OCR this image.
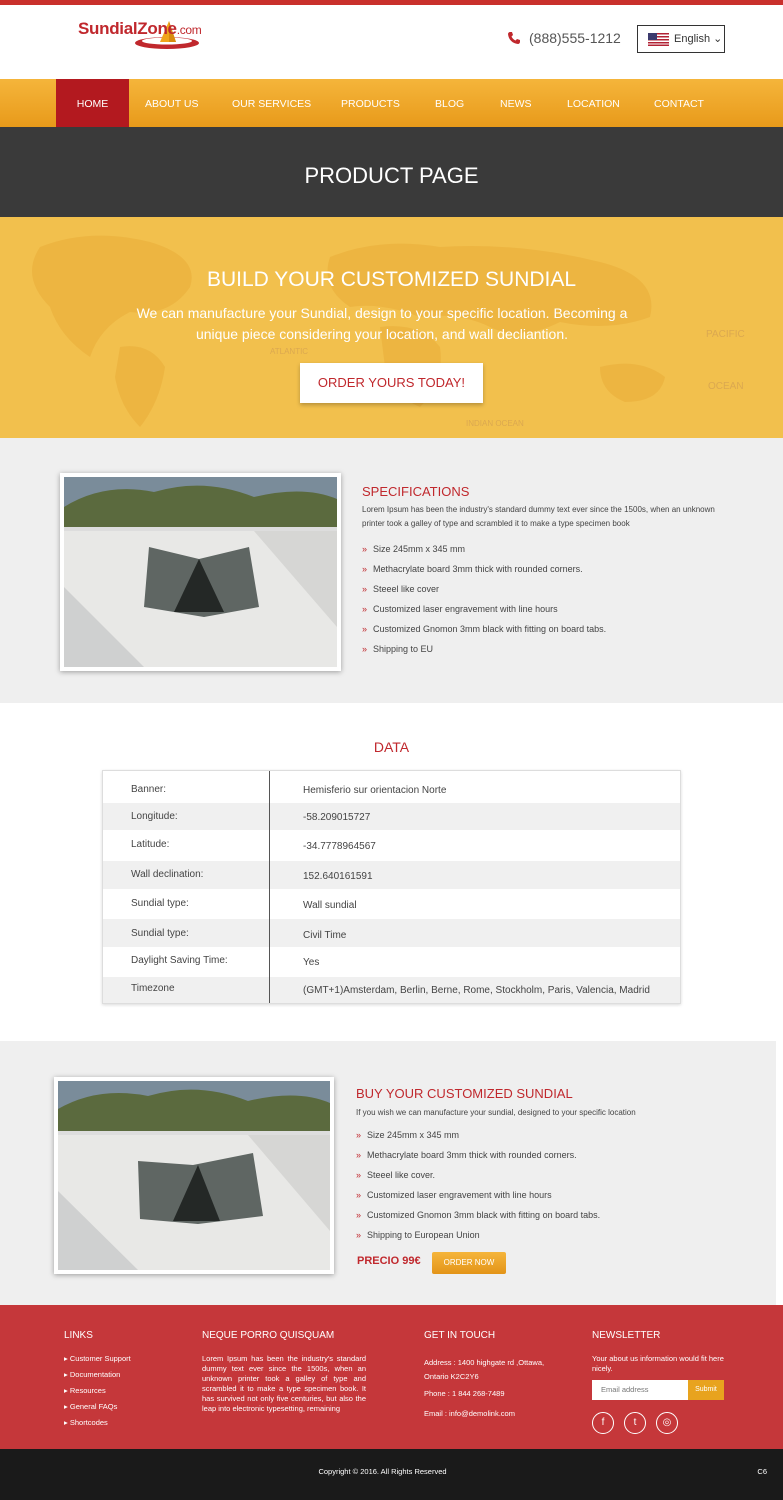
SundialZone.com	(888)555-1212	English ⌄
HOME	ABOUT US	OUR SERVICES	PRODUCTS	BLOG	NEWS	LOCATION	CONTACT
PRODUCT PAGE
PACIFIC
OCEAN
INDIAN OCEAN
ATLANTIC
BUILD YOUR CUSTOMIZED SUNDIAL

We can manufacture your Sundial, design to your specific location. Becoming a unique piece considering your location, and wall decliantion.

ORDER YOURS TODAY!
SPECIFICATIONS
Lorem Ipsum has been the industry's standard dummy text ever since the 1500s, when an unknown printer took a galley of type and scrambled it to make a type specimen book
» Size 245mm x 345 mm
» Methacrylate board 3mm thick with rounded corners.
» Steeel like cover
» Customized laser engravement with line hours
» Customized Gnomon 3mm black with fitting on board tabs.
» Shipping to EU
DATA
Banner:	Hemisferio sur orientacion Norte
Longitude:	-58.209015727
Latitude:	-34.7778964567
Wall declination:	152.640161591
Sundial type:	Wall sundial
Sundial type:	Civil Time
Daylight Saving Time:	Yes
Timezone	(GMT+1)Amsterdam, Berlin, Berne, Rome, Stockholm, Paris, Valencia, Madrid
BUY YOUR CUSTOMIZED SUNDIAL
If you wish we can manufacture your sundial, designed to your specific location
» Size 245mm x 345 mm
» Methacrylate board 3mm thick with rounded corners.
» Steeel like cover.
» Customized laser engravement with line hours
» Customized Gnomon 3mm black with fitting on board tabs.
» Shipping to European Union
PRECIO 99€	ORDER NOW
LINKS
▸ Customer Support
▸ Documentation
▸ Resources
▸ General FAQs
▸ Shortcodes
NEQUE PORRO QUISQUAM
Lorem Ipsum has been the industry's standard dummy text ever since the 1500s, when an unknown printer took a galley of type and scrambled it to make a type specimen book. It has survived not only five centuries, but also the leap into electronic typesetting, remaining
GET IN TOUCH
Address : 1400 highgate rd ,Ottawa, Ontario K2C2Y6
Phone : 1 844 268-7489
Email : info@demolink.com
NEWSLETTER
Your about us information would fit here nicely.
Email address	Submit
f	t	◎
Copyright © 2016. All Rights Reserved	C6
